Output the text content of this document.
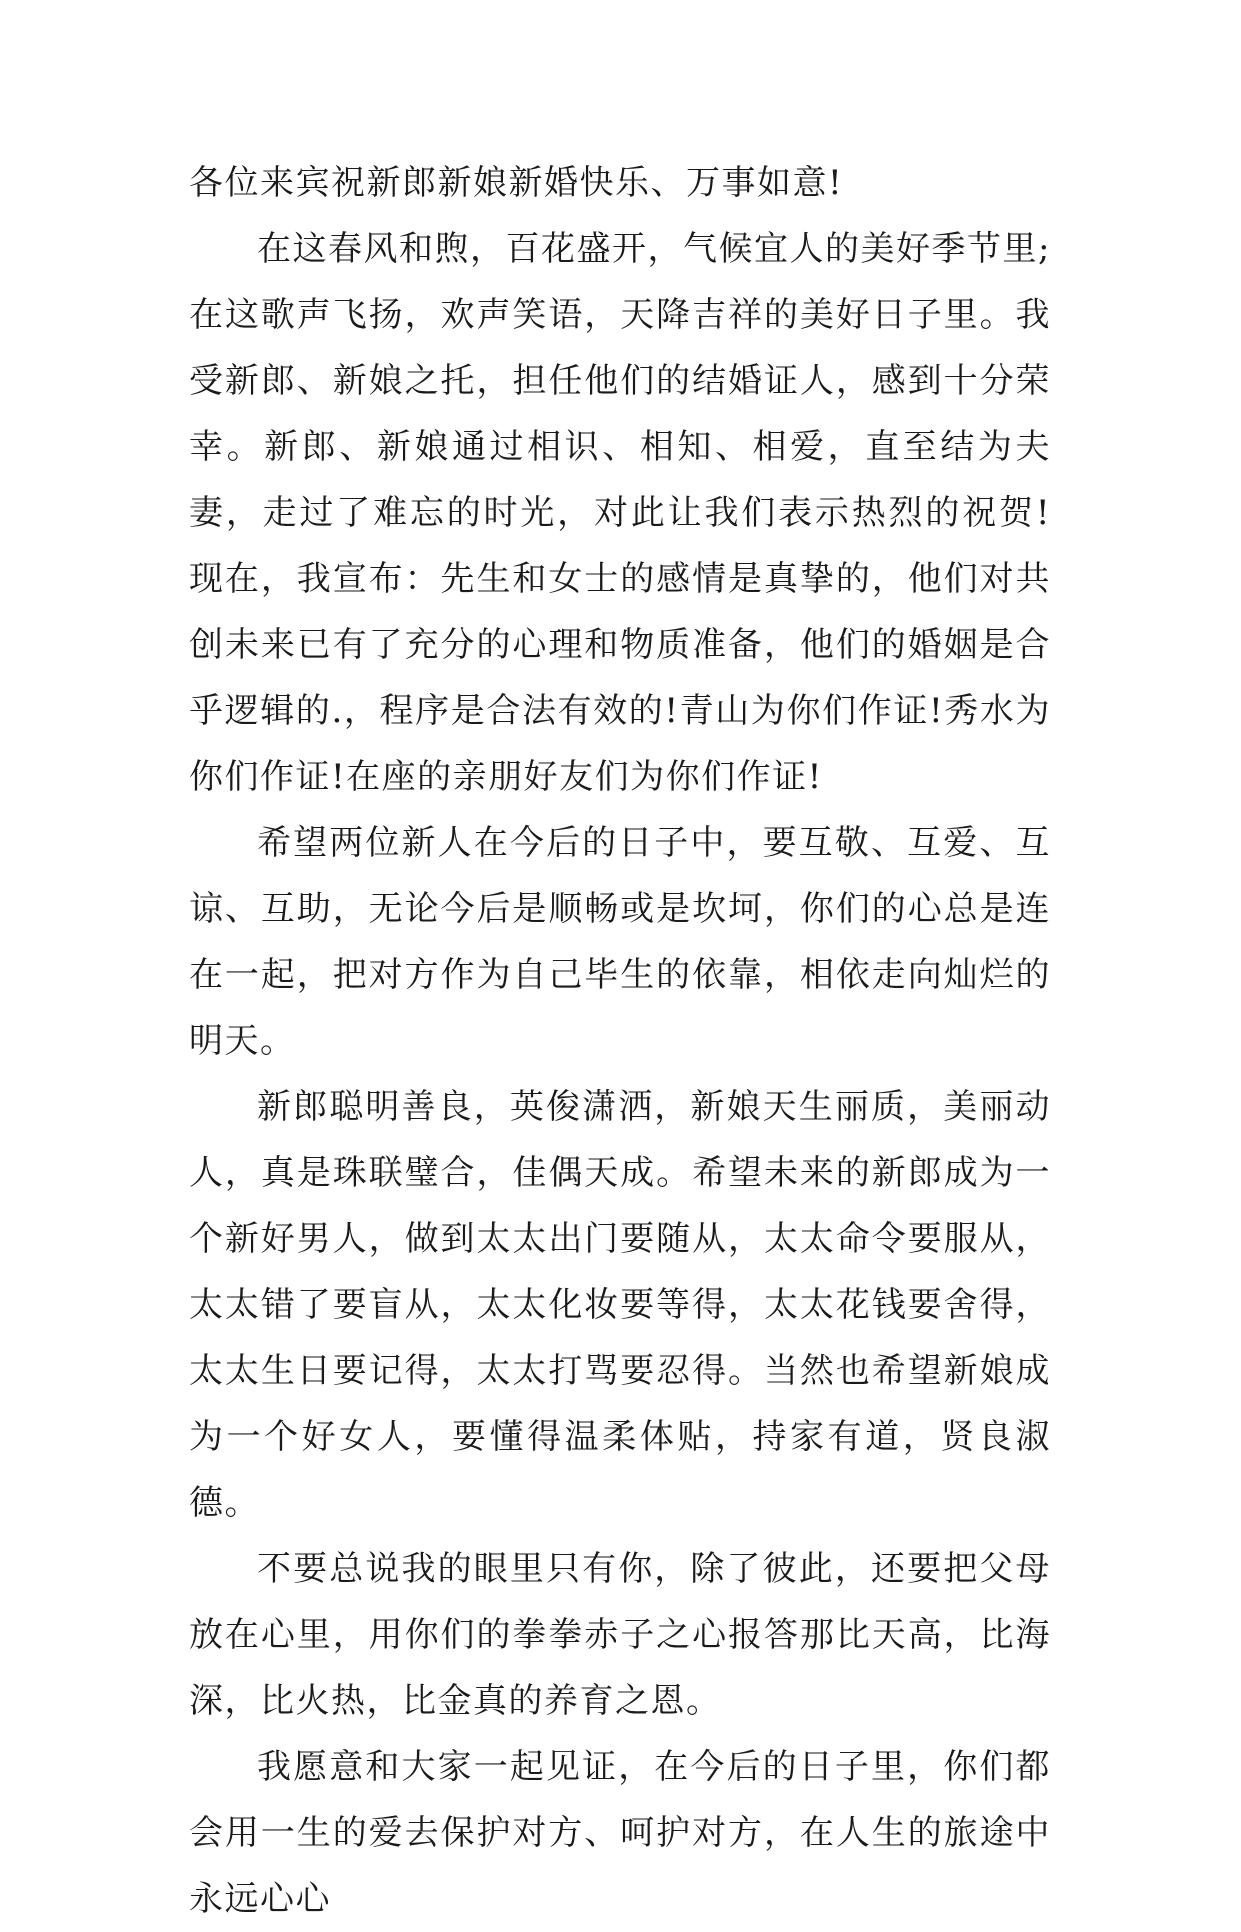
各位来宾祝新郎新娘新婚快乐、万事如意!

在这春风和煦，百花盛开，气候宜人的美好季节里;在这歌声飞扬，欢声笑语，天降吉祥的美好日子里。我受新郎、新娘之托，担任他们的结婚证人，感到十分荣幸。新郎、新娘通过相识、相知、相爱，直至结为夫妻，走过了难忘的时光，对此让我们表示热烈的祝贺!现在，我宣布：先生和女士的感情是真挚的，他们对共创未来已有了充分的心理和物质准备，他们的婚姻是合乎逻辑的.，程序是合法有效的!青山为你们作证!秀水为你们作证!在座的亲朋好友们为你们作证!

希望两位新人在今后的日子中，要互敬、互爱、互谅、互助，无论今后是顺畅或是坎坷，你们的心总是连在一起，把对方作为自己毕生的依靠，相依走向灿烂的明天。

新郎聪明善良，英俊潇洒，新娘天生丽质，美丽动人，真是珠联璧合，佳偶天成。希望未来的新郎成为一个新好男人，做到太太出门要随从，太太命令要服从，太太错了要盲从，太太化妆要等得，太太花钱要舍得，太太生日要记得，太太打骂要忍得。当然也希望新娘成为一个好女人，要懂得温柔体贴，持家有道，贤良淑德。

不要总说我的眼里只有你，除了彼此，还要把父母放在心里，用你们的拳拳赤子之心报答那比天高，比海深，比火热，比金真的养育之恩。

我愿意和大家一起见证，在今后的日子里，你们都会用一生的爱去保护对方、呵护对方，在人生的旅途中永远心心
